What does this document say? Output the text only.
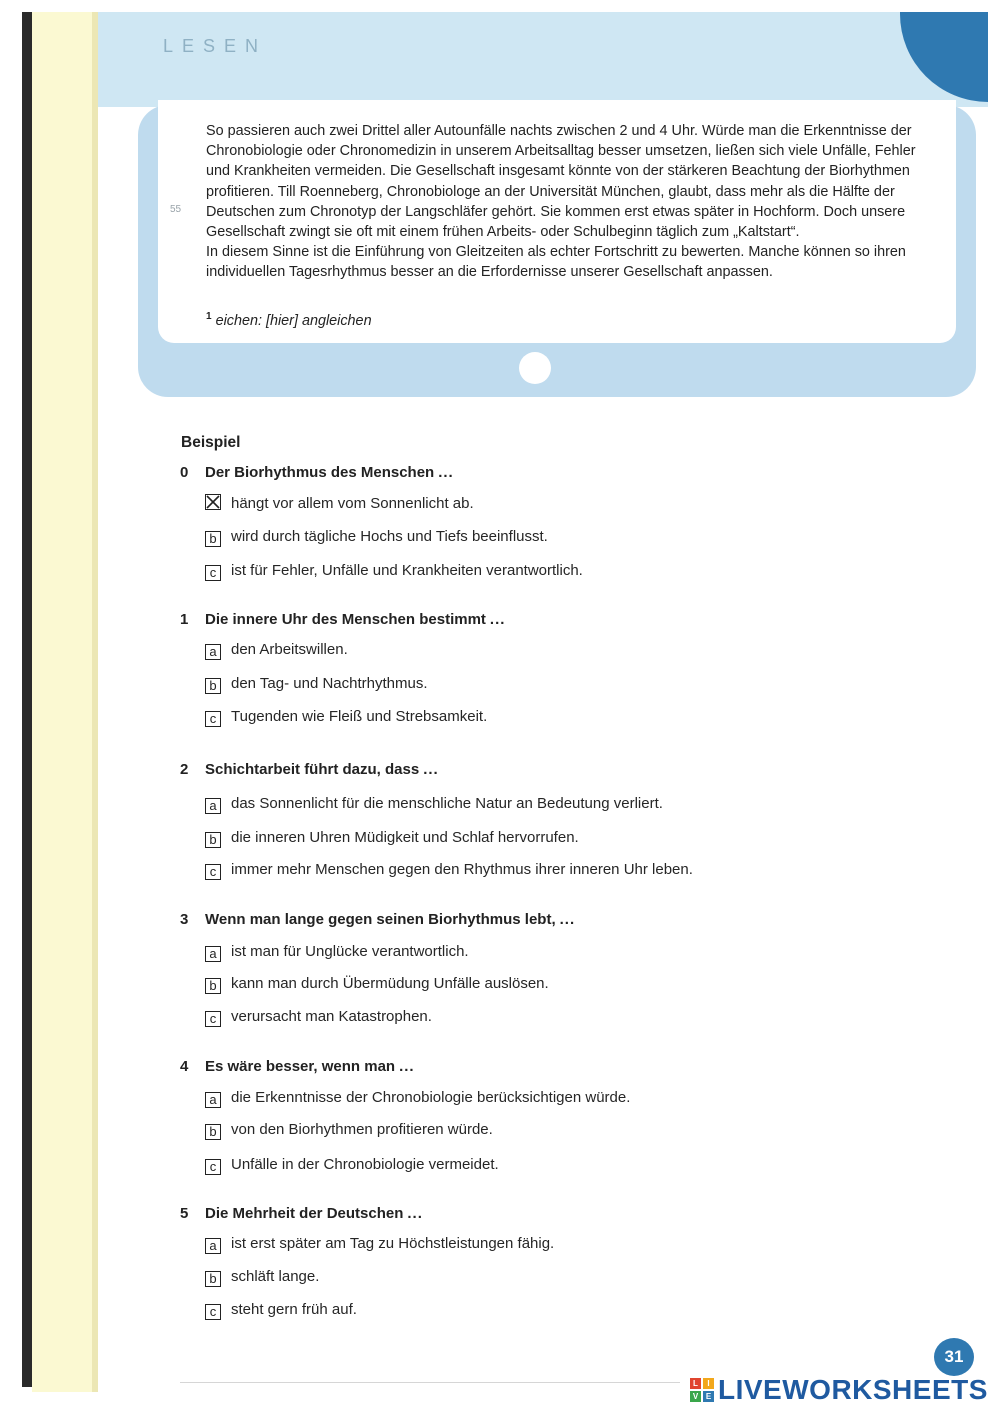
LESEN

So passieren auch zwei Drittel aller Autounfälle nachts zwischen 2 und 4 Uhr. Würde man die Erkenntnisse der Chronobiologie oder Chronomedizin in unserem Arbeitsalltag besser umsetzen, ließen sich viele Unfälle, Fehler und Krankheiten vermeiden. Die Gesellschaft insgesamt könnte von der stärkeren Beachtung der Biorhythmen profitieren. Till Roenneberg, Chronobiologe an der Universität München, glaubt, dass mehr als die Hälfte der Deutschen zum Chronotyp der Langschläfer gehört. Sie kommen erst etwas später in Hochform. Doch unsere Gesellschaft zwingt sie oft mit einem frühen Arbeits- oder Schulbeginn täglich zum „Kaltstart“.

In diesem Sinne ist die Einführung von Gleitzeiten als echter Fortschritt zu bewerten. Manche können so ihren individuellen Tagesrhythmus besser an die Erfordernisse unserer Gesellschaft anpassen.

55
$^1$ eichen: [hier] angleichen
Beispiel
0 Der Biorhythmus des Menschen ...
hängt vor allem vom Sonnenlicht ab.
b wird durch tägliche Hochs und Tiefs beeinflusst.
c ist für Fehler, Unfälle und Krankheiten verantwortlich.
1 Die innere Uhr des Menschen bestimmt ...
a den Arbeitswillen.
b den Tag- und Nachtrhythmus.
c Tugenden wie Fleiß und Strebsamkeit.
2 Schichtarbeit führt dazu, dass ...
a das Sonnenlicht für die menschliche Natur an Bedeutung verliert.
b die inneren Uhren Müdigkeit und Schlaf hervorrufen.
c immer mehr Menschen gegen den Rhythmus ihrer inneren Uhr leben.
3 Wenn man lange gegen seinen Biorhythmus lebt, ...
a ist man für Unglücke verantwortlich.
b kann man durch Übermüdung Unfälle auslösen.
c verursacht man Katastrophen.
4 Es wäre besser, wenn man ...
a die Erkenntnisse der Chronobiologie berücksichtigen würde.
b von den Biorhythmen profitieren würde.
c Unfälle in der Chronobiologie vermeidet.
5 Die Mehrheit der Deutschen ...
a ist erst später am Tag zu Höchstleistungen fähig.
b schläft lange.
c steht gern früh auf.
31
L	I
V E LIVEWORKSHEETS
